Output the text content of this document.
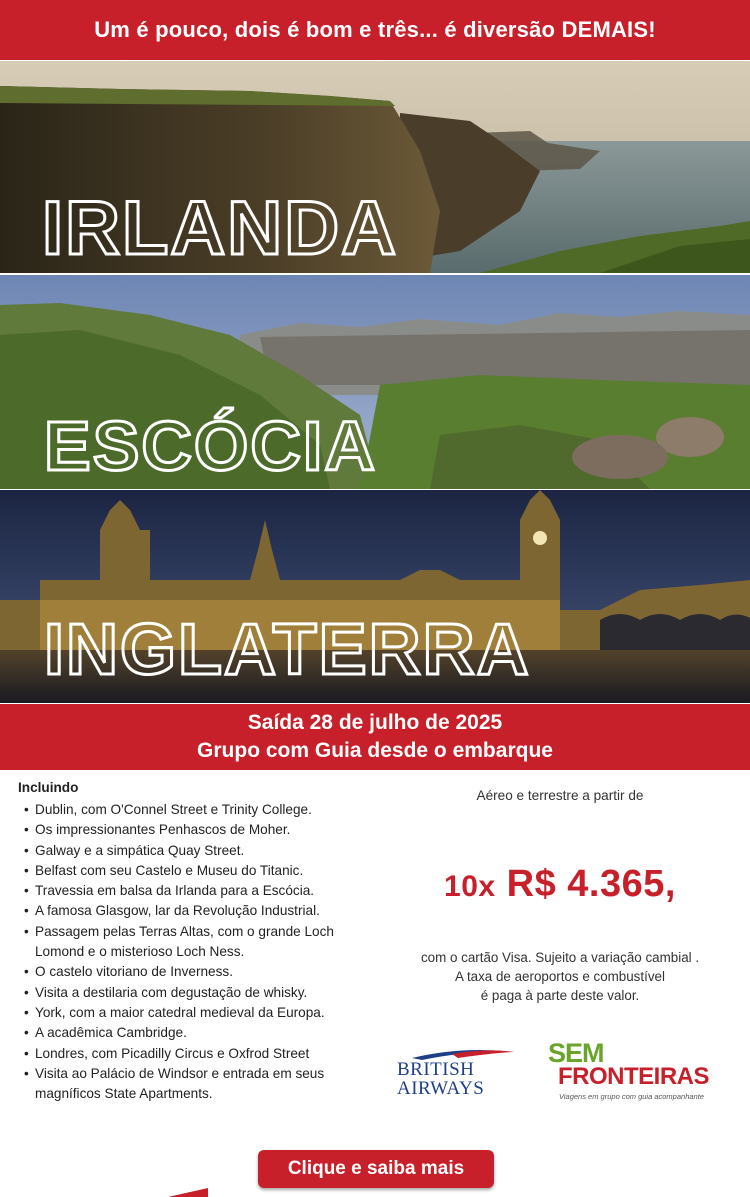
Um é pouco, dois é bom e três... é diversão DEMAIS!
IRLANDA
ESCÓCIA
INGLATERRA
Saída 28 de julho de 2025
Grupo com Guia desde o embarque
Incluindo
• Dublin, com O'Connel Street e Trinity College.
• Os impressionantes Penhascos de Moher.
• Galway e a simpática Quay Street.
• Belfast com seu Castelo e Museu do Titanic.
• Travessia em balsa da Irlanda para a Escócia.
• A famosa Glasgow, lar da Revolução Industrial.
• Passagem pelas Terras Altas, com o grande Loch Lomond e o misterioso Loch Ness.
• O castelo vitoriano de Inverness.
• Visita a destilaria com degustação de whisky.
• York, com a maior catedral medieval da Europa.
• A acadêmica Cambridge.
• Londres, com Picadilly Circus e Oxfrod Street
• Visita ao Palácio de Windsor e entrada em seus magníficos State Apartments.
Aéreo e terrestre a partir de
10x R$ 4.365,
com o cartão Visa. Sujeito a variação cambial .
A taxa de aeroportos e combustível
é paga à parte deste valor.
BRITISH
AIRWAYS
SEM
FRONTEIRAS
Viagens em grupo com guia acompanhante
Clique e saiba mais
